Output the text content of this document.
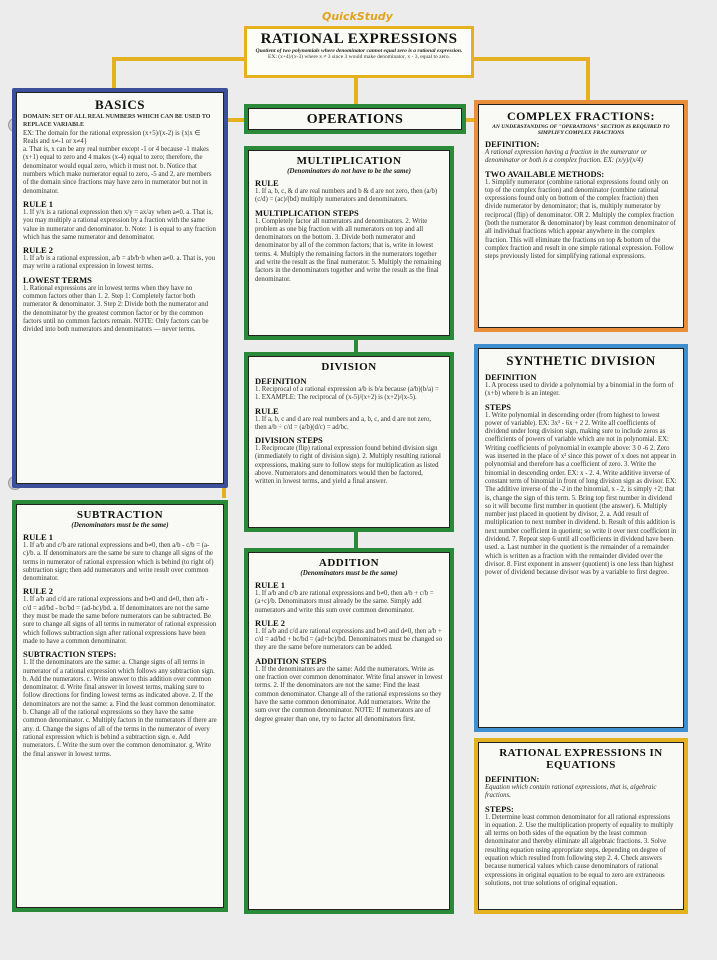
QuickStudy
RATIONAL EXPRESSIONS
Quotient of two polynomials where denominator cannot equal zero is a rational expression.
EX: (x+4)/(x-3) where x ≠ 3 since 3 would make denominator, x - 3, equal to zero.
BASICS
DOMAIN: SET OF ALL REAL NUMBERS WHICH CAN BE USED TO REPLACE VARIABLE
EX: The domain for the rational expression (x+5)/(x-2) is {x|x ∈ Reals and x≠-1 or x≠4}
a. That is, x can be any real number except -1 or 4 because -1 makes (x+1) equal to zero and 4 makes (x-4) equal to zero; therefore, the denominator would equal zero, which it must not. b. Notice that numbers which make numerator equal to zero, -5 and 2, are members of the domain since fractions may have zero in numerator but not in denominator.
RULE 1
1. If y/x is a rational expression then x/y = ax/ay when a≠0. a. That is, you may multiply a rational expression by a fraction with the same value in numerator and denominator. b. Note: 1 is equal to any fraction which has the same numerator and denominator.
RULE 2
1. If a/b is a rational expression, a/b = ab/b·b when a≠0. a. That is, you may write a rational expression in lowest terms.
LOWEST TERMS
1. Rational expressions are in lowest terms when they have no common factors other than 1. 2. Step 1: Completely factor both numerator & denominator. 3. Step 2: Divide both the numerator and the denominator by the greatest common factor or by the common factors until no common factors remain. NOTE: Only factors can be divided into both numerators and denominators — never terms.
OPERATIONS
MULTIPLICATION
(Denominators do not have to be the same)
RULE
1. If a, b, c, & d are real numbers and b & d are not zero, then (a/b)(c/d) = (ac)/(bd) multiply numerators and denominators.
MULTIPLICATION STEPS
1. Completely factor all numerators and denominators. 2. Write problem as one big fraction with all numerators on top and all denominators on the bottom. 3. Divide both numerator and denominator by all of the common factors; that is, write in lowest terms. 4. Multiply the remaining factors in the numerators together and write the result as the final numerator. 5. Multiply the remaining factors in the denominators together and write the result as the final denominator.
DIVISION
DEFINITION
1. Reciprocal of a rational expression a/b is b/a because (a/b)(b/a) = 1. EXAMPLE: The reciprocal of (x-5)/(x+2) is (x+2)/(x-5).
RULE
1. If a, b, c and d are real numbers and a, b, c, and d are not zero, then a/b ÷ c/d = (a/b)(d/c) = ad/bc.
DIVISION STEPS
1. Reciprocate (flip) rational expression found behind division sign (immediately to right of division sign). 2. Multiply resulting rational expressions, making sure to follow steps for multiplication as listed above. Numerators and denominators would then be factored, written in lowest terms, and yield a final answer.
SUBTRACTION
(Denominators must be the same)
RULE 1
1. If a/b and c/b are rational expressions and b≠0, then a/b - c/b = (a-c)/b. a. If denominators are the same be sure to change all signs of the terms in numerator of rational expression which is behind (to right of) subtraction sign; then add numerators and write result over common denominator.
RULE 2
1. If a/b and c/d are rational expressions and b≠0 and d≠0, then a/b - c/d = ad/bd - bc/bd = (ad-bc)/bd. a. If denominators are not the same they must be made the same before numerators can be subtracted. Be sure to change all signs of all terms in numerator of rational expression which follows subtraction sign after rational expressions have been made to have a common denominator.
SUBTRACTION STEPS:
1. If the denominators are the same: a. Change signs of all terms in numerator of a rational expression which follows any subtraction sign. b. Add the numerators. c. Write answer to this addition over common denominator. d. Write final answer in lowest terms, making sure to follow directions for finding lowest terms as indicated above. 2. If the denominators are not the same: a. Find the least common denominator. b. Change all of the rational expressions so they have the same common denominator. c. Multiply factors in the numerators if there are any. d. Change the signs of all of the terms in the numerator of every rational expression which is behind a subtraction sign. e. Add numerators. f. Write the sum over the common denominator. g. Write the final answer in lowest terms.
ADDITION
(Denominators must be the same)
RULE 1
1. If a/b and c/b are rational expressions and b≠0, then a/b + c/b = (a+c)/b. Denominators must already be the same. Simply add numerators and write this sum over common denominator.
RULE 2
1. If a/b and c/d are rational expressions and b≠0 and d≠0, then a/b + c/d = ad/bd + bc/bd = (ad+bc)/bd. Denominators must be changed so they are the same before numerators can be added.
ADDITION STEPS
1. If the denominators are the same: Add the numerators. Write as one fraction over common denominator. Write final answer in lowest terms. 2. If the denominators are not the same: Find the least common denominator. Change all of the rational expressions so they have the same common denominator. Add numerators. Write the sum over the common denominator. NOTE: If numerators are of degree greater than one, try to factor all denominators first.
COMPLEX FRACTIONS:
AN UNDERSTANDING OF "OPERATIONS" SECTION IS REQUIRED TO SIMPLIFY COMPLEX FRACTIONS
DEFINITION:
A rational expression having a fraction in the numerator or denominator or both is a complex fraction. EX: (x/y)/(x/4)
TWO AVAILABLE METHODS:
1. Simplify numerator (combine rational expressions found only on top of the complex fraction) and denominator (combine rational expressions found only on bottom of the complex fraction) then divide numerator by denominator; that is, multiply numerator by reciprocal (flip) of denominator. OR 2. Multiply the complex fraction (both the numerator & denominator) by least common denominator of all individual fractions which appear anywhere in the complex fraction. This will eliminate the fractions on top & bottom of the complex fraction and result in one simple rational expression. Follow steps previously listed for simplifying rational expressions.
SYNTHETIC DIVISION
DEFINITION
1. A process used to divide a polynomial by a binomial in the form of (x+b) where b is an integer.
STEPS
1. Write polynomial in descending order (from highest to lowest power of variable). EX: 3x³ - 6x + 2 2. Write all coefficients of dividend under long division sign, making sure to include zeros as coefficients of powers of variable which are not in polynomial. EX: Writing coefficients of polynomial in example above: 3 0 -6 2. Zero was inserted in the place of x² since this power of x does not appear in polynomial and therefore has a coefficient of zero. 3. Write the binomial in descending order. EX: x - 2. 4. Write additive inverse of constant term of binomial in front of long division sign as divisor. EX: The additive inverse of the -2 in the binomial, x - 2, is simply +2; that is, change the sign of this term. 5. Bring top first number in dividend so it will become first number in quotient (the answer). 6. Multiply number just placed in quotient by divisor, 2. a. Add result of multiplication to next number in dividend. b. Result of this addition is next number coefficient in quotient; so write it over next coefficient in dividend. 7. Repeat step 6 until all coefficients in dividend have been used. a. Last number in the quotient is the remainder of a remainder which is written as a fraction with the remainder divided over the divisor. 8. First exponent in answer (quotient) is one less than highest power of dividend because divisor was by a variable to first degree.
RATIONAL EXPRESSIONS IN EQUATIONS
DEFINITION:
Equation which contain rational expressions, that is, algebraic fractions.
STEPS:
1. Determine least common denominator for all rational expressions in equation. 2. Use the multiplication property of equality to multiply all terms on both sides of the equation by the least common denominator and thereby eliminate all algebraic fractions. 3. Solve resulting equation using appropriate steps, depending on degree of equation which resulted from following step 2. 4. Check answers because numerical values which cause denominators of rational expressions in original equation to be equal to zero are extraneous solutions, not true solutions of original equation.
